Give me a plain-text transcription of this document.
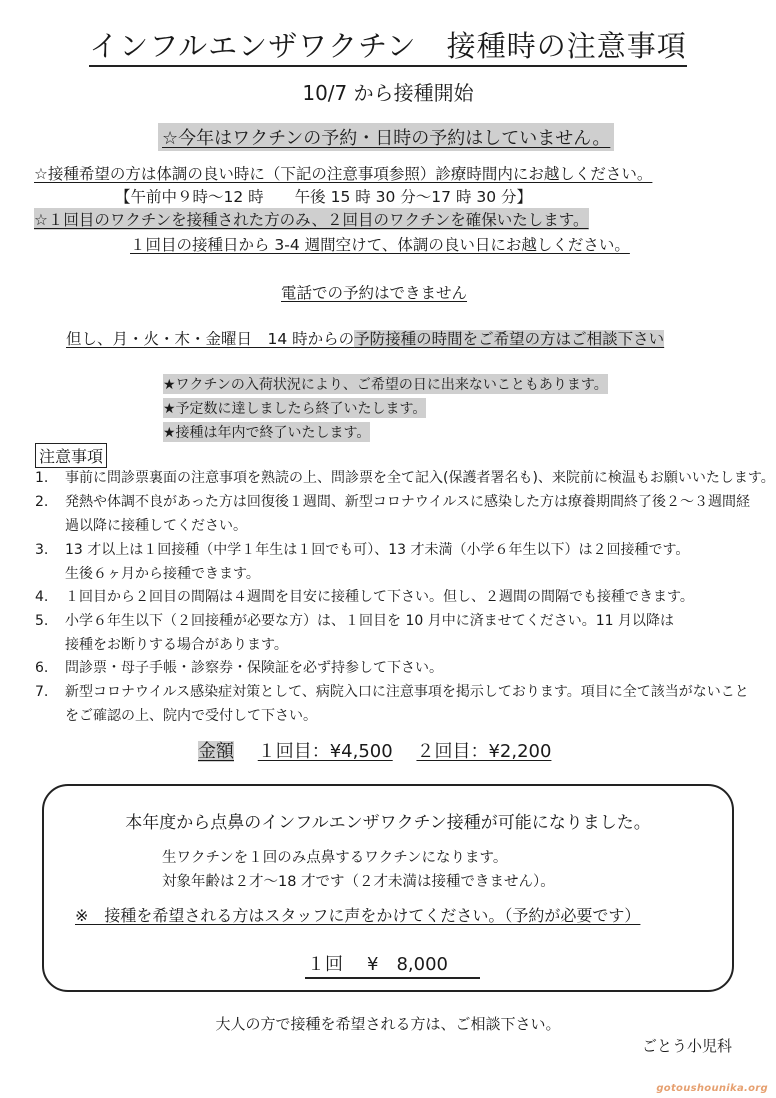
インフルエンザワクチン　接種時の注意事項
10/7 から接種開始
☆今年はワクチンの予約・日時の予約はしていません。
☆接種希望の方は体調の良い時に（下記の注意事項参照）診療時間内にお越しください。
【午前中９時〜12 時　　午後 15 時 30 分〜17 時 30 分】
☆１回目のワクチンを接種された方のみ、２回目のワクチンを確保いたします。
１回目の接種日から 3-4 週間空けて、体調の良い日にお越しください。
電話での予約はできません
但し、月・火・木・金曜日　14 時からの予防接種の時間をご希望の方はご相談下さい
★ワクチンの入荷状況により、ご希望の日に出来ないこともあります。
★予定数に達しましたら終了いたします。
★接種は年内で終了いたします。
注意事項
1.	事前に問診票裏面の注意事項を熟読の上、問診票を全て記入(保護者署名も)、来院前に検温もお願いいたします。
2.	発熱や体調不良があった方は回復後１週間、新型コロナウイルスに感染した方は療養期間終了後２〜３週間経
過以降に接種してください。
3.	13 才以上は１回接種（中学１年生は１回でも可）、13 才未満（小学６年生以下）は２回接種です。
生後６ヶ月から接種できます。
4.	１回目から２回目の間隔は４週間を目安に接種して下さい。但し、２週間の間隔でも接種できます。
5.	小学６年生以下（２回接種が必要な方）は、１回目を 10 月中に済ませてください。11 月以降は
接種をお断りする場合があります。
6.	問診票・母子手帳・診察券・保険証を必ず持参して下さい。
7.	新型コロナウイルス感染症対策として、病院入口に注意事項を掲示しております。項目に全て該当がないこと
をご確認の上、院内で受付して下さい。
金額 １回目：¥4,500 ２回目：¥2,200
本年度から点鼻のインフルエンザワクチン接種が可能になりました。
生ワクチンを１回のみ点鼻するワクチンになります。
対象年齢は２才〜18 才です（２才未満は接種できません）。
※　接種を希望される方はスタッフに声をかけてください。（予約が必要です）
１回 ¥　8,000
大人の方で接種を希望される方は、ご相談下さい。
ごとう小児科
gotoushounika.org
